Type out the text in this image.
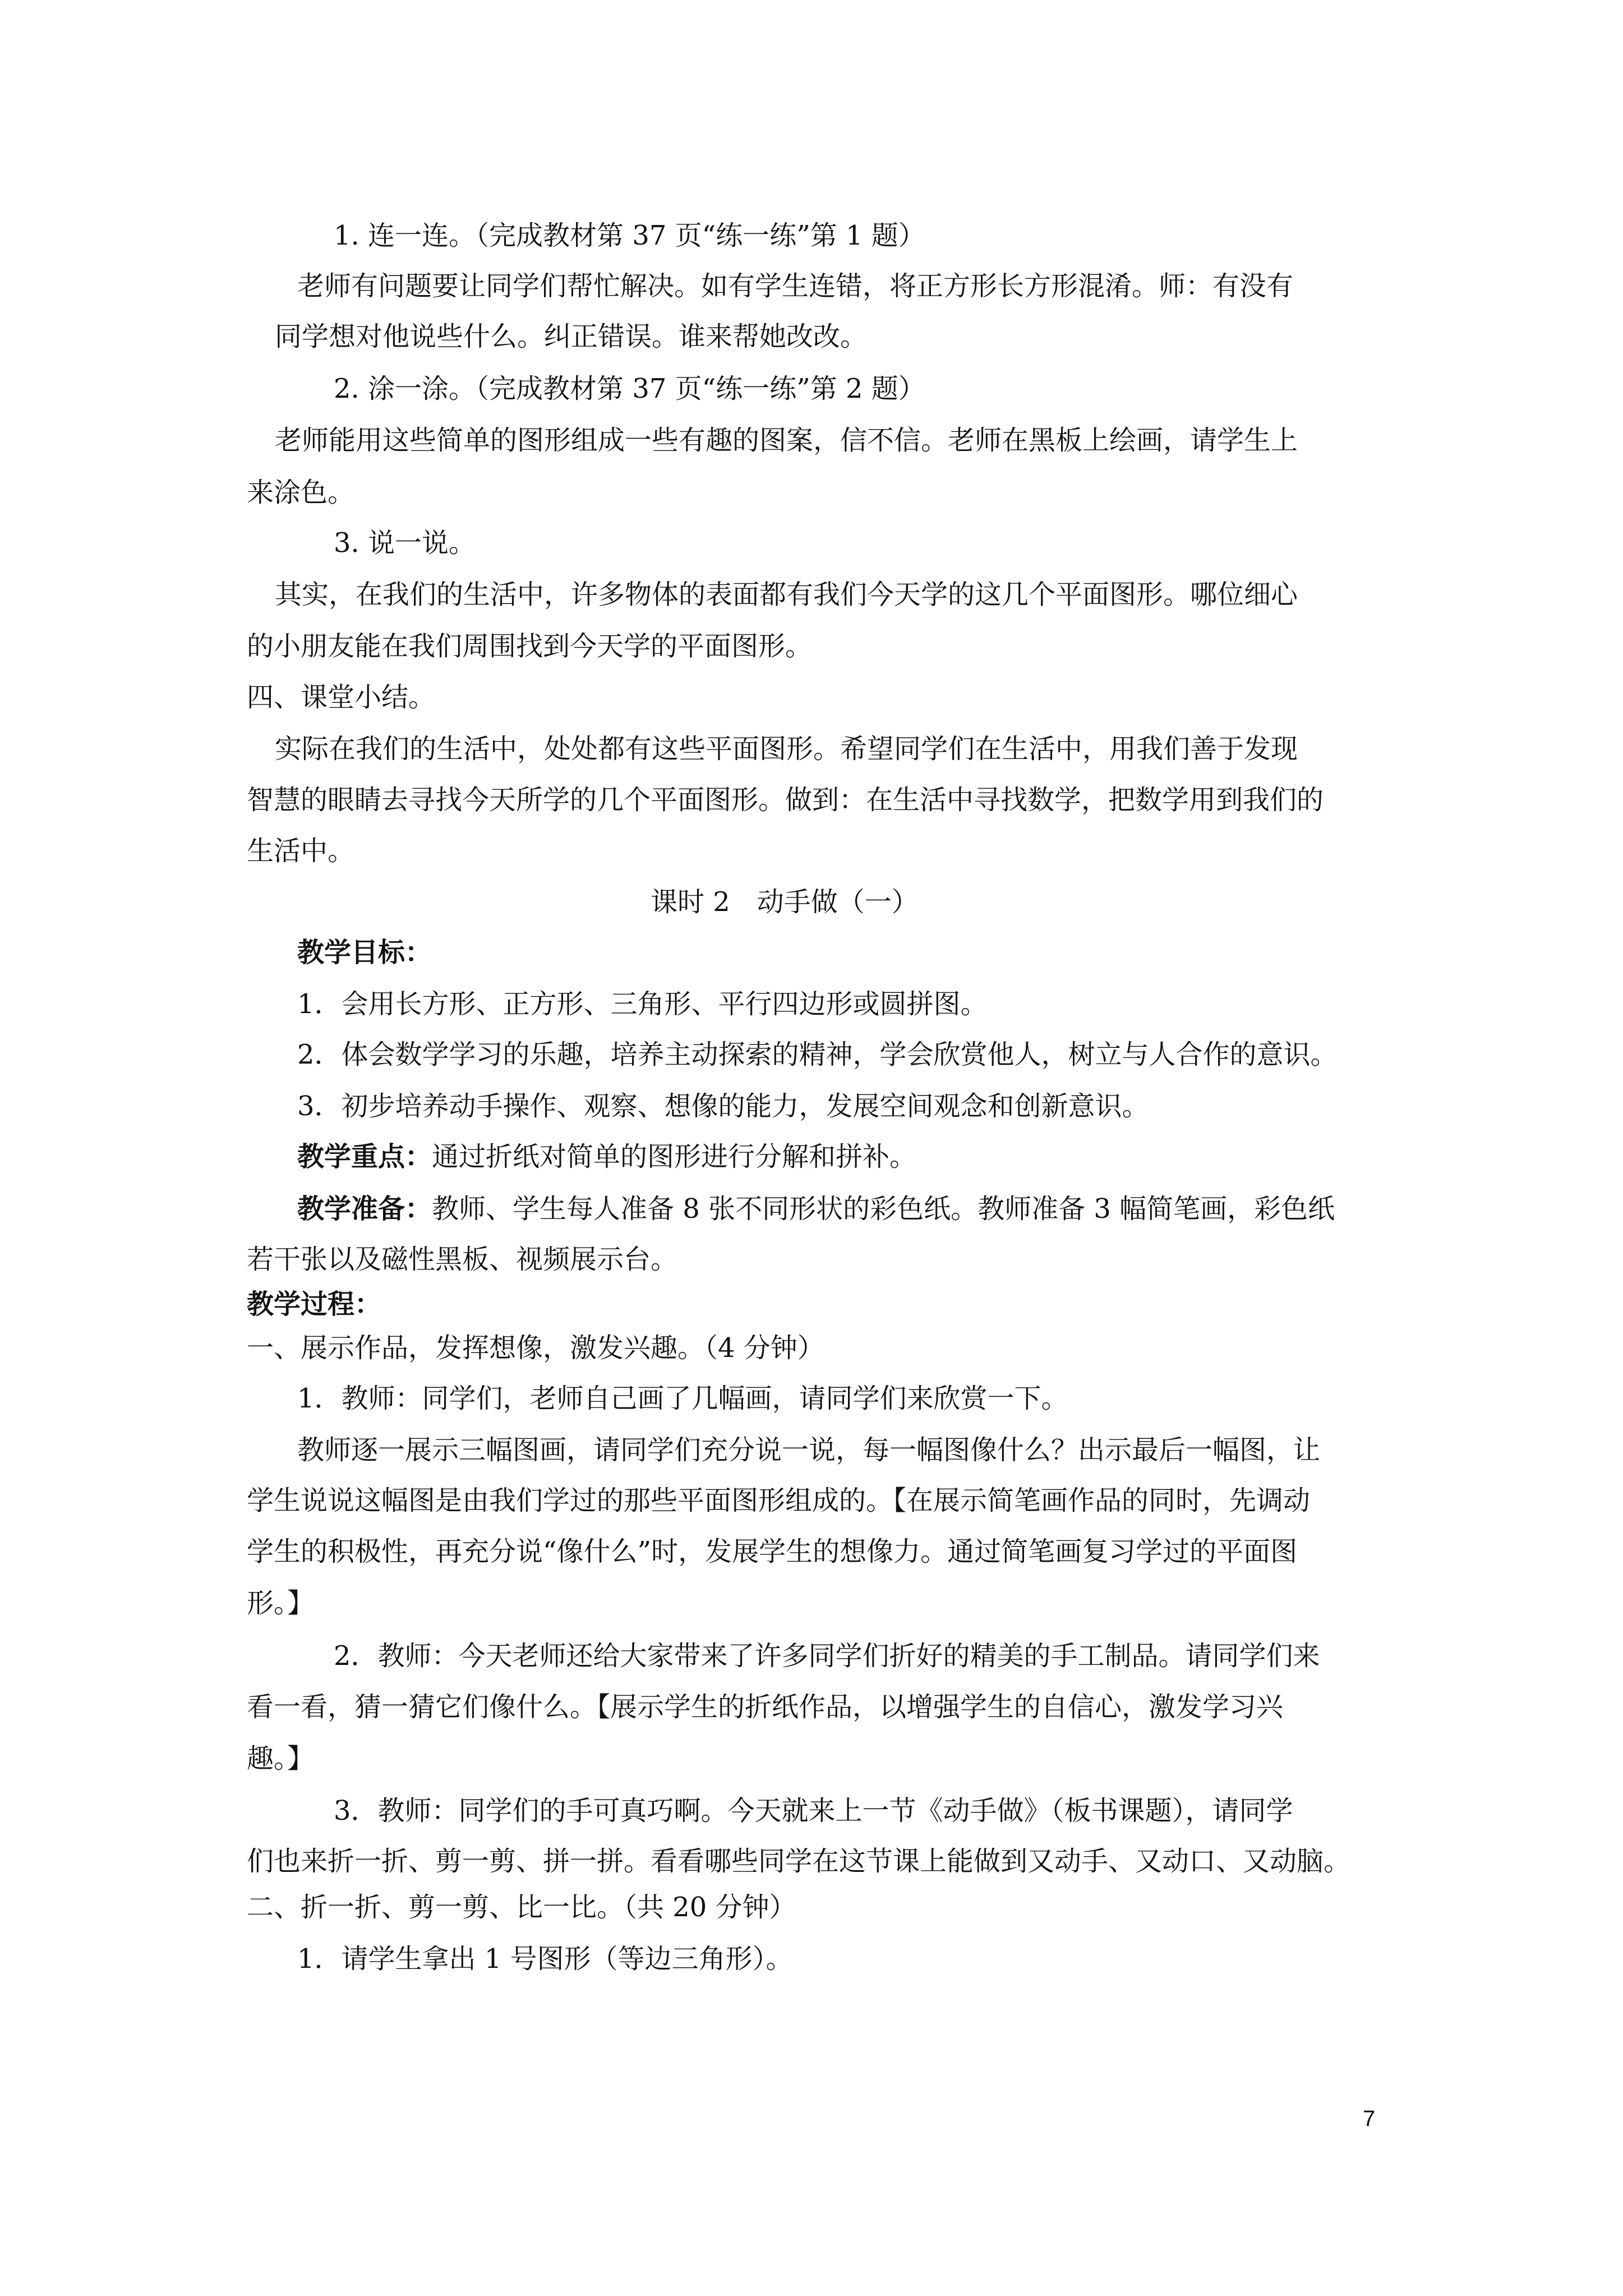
1. 连一连。（完成教材第 37 页“练一练”第 1 题）
老师有问题要让同学们帮忙解决。如有学生连错，将正方形长方形混淆。师：有没有
同学想对他说些什么。纠正错误。谁来帮她改改。
2. 涂一涂。（完成教材第 37 页“练一练”第 2 题）
老师能用这些简单的图形组成一些有趣的图案，信不信。老师在黑板上绘画，请学生上
来涂色。
3. 说一说。
其实，在我们的生活中，许多物体的表面都有我们今天学的这几个平面图形。哪位细心
的小朋友能在我们周围找到今天学的平面图形。
四、课堂小结。
实际在我们的生活中，处处都有这些平面图形。希望同学们在生活中，用我们善于发现
智慧的眼睛去寻找今天所学的几个平面图形。做到：在生活中寻找数学，把数学用到我们的
生活中。
课时 2　动手做（一）
教学目标：
1．会用长方形、正方形、三角形、平行四边形或圆拼图。
2．体会数学学习的乐趣，培养主动探索的精神，学会欣赏他人，树立与人合作的意识。
3．初步培养动手操作、观察、想像的能力，发展空间观念和创新意识。
教学重点：通过折纸对简单的图形进行分解和拼补。
教学准备：教师、学生每人准备 8 张不同形状的彩色纸。教师准备 3 幅简笔画，彩色纸
若干张以及磁性黑板、视频展示台。
教学过程：
一、展示作品，发挥想像，激发兴趣。（4 分钟）
1．教师：同学们，老师自己画了几幅画，请同学们来欣赏一下。
教师逐一展示三幅图画，请同学们充分说一说，每一幅图像什么？出示最后一幅图，让
学生说说这幅图是由我们学过的那些平面图形组成的。【在展示简笔画作品的同时，先调动
学生的积极性，再充分说“像什么”时，发展学生的想像力。通过简笔画复习学过的平面图
形。】
2．教师：今天老师还给大家带来了许多同学们折好的精美的手工制品。请同学们来
看一看，猜一猜它们像什么。【展示学生的折纸作品，以增强学生的自信心，激发学习兴
趣。】
3．教师：同学们的手可真巧啊。今天就来上一节《动手做》（板书课题），请同学
们也来折一折、剪一剪、拼一拼。看看哪些同学在这节课上能做到又动手、又动口、又动脑。
二、折一折、剪一剪、比一比。（共 20 分钟）
1．请学生拿出 1 号图形（等边三角形）。
7
